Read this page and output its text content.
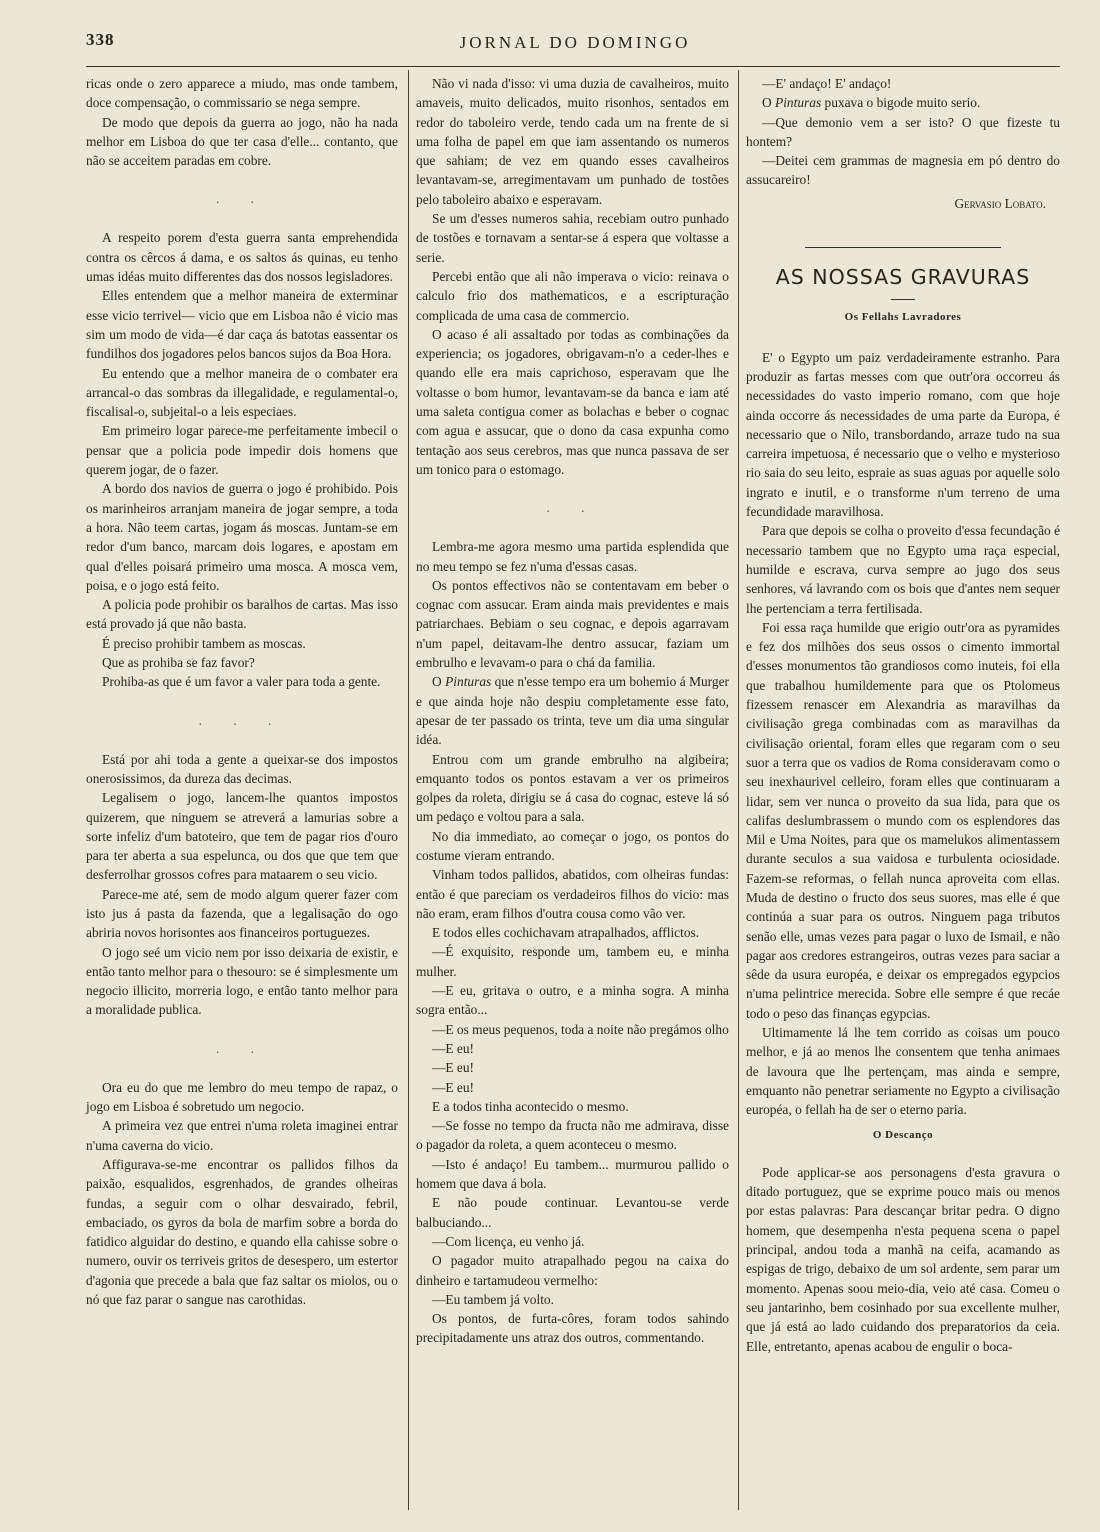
338	JORNAL DO DOMINGO

ricas onde o zero apparece a miudo, mas onde tambem, doce compensação, o commissario se nega sempre.

De modo que depois da guerra ao jogo, não ha nada melhor em Lisboa do que ter casa d'elle... contanto, que não se acceitem paradas em cobre.

. .

A respeito porem d'esta guerra santa emprehendida contra os cêrcos á dama, e os saltos ás quinas, eu tenho umas idéas muito differentes das dos nossos legisladores.

Elles entendem que a melhor maneira de exterminar esse vicio terrivel— vicio que em Lisboa não é vicio mas sim um modo de vida—é dar caça ás batotas eassentar os fundilhos dos jogadores pelos bancos sujos da Boa Hora.

Eu entendo que a melhor maneira de o combater era arrancal-o das sombras da illegalidade, e regulamental-o, fiscalisal-o, subjeital-o a leis especiaes.

Em primeiro logar parece-me perfeitamente imbecil o pensar que a policia pode impedir dois homens que querem jogar, de o fazer.

A bordo dos navios de guerra o jogo é prohibido. Pois os marinheiros arranjam maneira de jogar sempre, a toda a hora. Não teem cartas, jogam ás moscas. Juntam-se em redor d'um banco, marcam dois logares, e apostam em qual d'elles poisará primeiro uma mosca. A mosca vem, poisa, e o jogo está feito.

A policia pode prohibir os baralhos de cartas. Mas isso está provado já que não basta.

É preciso prohibir tambem as moscas.

Que as prohiba se faz favor?

Prohiba-as que é um favor a valer para toda a gente.

. . .

Está por ahi toda a gente a queixar-se dos impostos onerosissimos, da dureza das decimas.

Legalisem o jogo, lancem-lhe quantos impostos quizerem, que ninguem se atreverá a lamurias sobre a sorte infeliz d'um batoteiro, que tem de pagar rios d'ouro para ter aberta a sua espelunca, ou dos que que tem que desferrolhar grossos cofres para mataarem o seu vicio.

Parece-me até, sem de modo algum querer fazer com isto jus á pasta da fazenda, que a legalisação do ogo abriria novos horisontes aos financeiros portuguezes.

O jogo seé um vicio nem por isso deixaria de existir, e então tanto melhor para o thesouro: se é simplesmente um negocio illicito, morreria logo, e então tanto melhor para a moralidade publica.

. .

Ora eu do que me lembro do meu tempo de rapaz, o jogo em Lisboa é sobretudo um negocio.

A primeira vez que entrei n'uma roleta imaginei entrar n'uma caverna do vicio.

Affigurava-se-me encontrar os pallidos filhos da paixão, esqualidos, esgrenhados, de grandes olheiras fundas, a seguir com o olhar desvairado, febril, embaciado, os gyros da bola de marfim sobre a borda do fatidico alguidar do destino, e quando ella cahisse sobre o numero, ouvir os terriveis gritos de desespero, um estertor d'agonia que precede a bala que faz saltar os miolos, ou o nó que faz parar o sangue nas carothidas.

Não vi nada d'isso: vi uma duzia de cavalheiros, muito amaveis, muito delicados, muito risonhos, sentados em redor do taboleiro verde, tendo cada um na frente de si uma folha de papel em que iam assentando os numeros que sahiam; de vez em quando esses cavalheiros levantavam-se, arregimentavam um punhado de tostões pelo taboleiro abaixo e esperavam.

Se um d'esses numeros sahia, recebiam outro punhado de tostões e tornavam a sentar-se á espera que voltasse a serie.

Percebi então que ali não imperava o vicio: reinava o calculo frio dos mathematicos, e a escripturação complicada de uma casa de commercio.

O acaso é ali assaltado por todas as combinações da experiencia; os jogadores, obrigavam-n'o a ceder-lhes e quando elle era mais caprichoso, esperavam que lhe voltasse o bom humor, levantavam-se da banca e iam até uma saleta contigua comer as bolachas e beber o cognac com agua e assucar, que o dono da casa expunha como tentação aos seus cerebros, mas que nunca passava de ser um tonico para o estomago.

. .

Lembra-me agora mesmo uma partida esplendida que no meu tempo se fez n'uma d'essas casas.

Os pontos effectivos não se contentavam em beber o cognac com assucar. Eram ainda mais previdentes e mais patriarchaes. Bebiam o seu cognac, e depois agarravam n'um papel, deitavam-lhe dentro assucar, faziam um embrulho e levavam-o para o chá da familia.

O Pinturas que n'esse tempo era um bohemio á Murger e que ainda hoje não despiu completamente esse fato, apesar de ter passado os trinta, teve um dia uma singular idéa.

Entrou com um grande embrulho na algibeira; emquanto todos os pontos estavam a ver os primeiros golpes da roleta, dirigiu se á casa do cognac, esteve lá só um pedaço e voltou para a sala.

No dia immediato, ao começar o jogo, os pontos do costume vieram entrando.

Vinham todos pallidos, abatidos, com olheiras fundas: então é que pareciam os verdadeiros filhos do vicio: mas não eram, eram filhos d'outra cousa como vão ver.

E todos elles cochichavam atrapalhados, afflictos.

—É exquisito, responde um, tambem eu, e minha mulher.

—E eu, gritava o outro, e a minha sogra. A minha sogra então...

—E os meus pequenos, toda a noite não pregámos olho

—E eu!

—E eu!

—E eu!

E a todos tinha acontecido o mesmo.

—Se fosse no tempo da fructa não me admirava, disse o pagador da roleta, a quem aconteceu o mesmo.

—Isto é andaço! Eu tambem... murmurou pallido o homem que dava á bola.

E não poude continuar. Levantou-se verde balbuciando...

—Com licença, eu venho já.

O pagador muito atrapalhado pegou na caixa do dinheiro e tartamudeou vermelho:

—Eu tambem já volto.

Os pontos, de furta-côres, foram todos sahindo precipitadamente uns atraz dos outros, commentando.

—E' andaço! E' andaço!

O Pinturas puxava o bigode muito serio.

—Que demonio vem a ser isto? O que fizeste tu hontem?

—Deitei cem grammas de magnesia em pó dentro do assucareiro!

Gervasio Lobato.
AS NOSSAS GRAVURAS
Os Fellahs Lavradores

E' o Egypto um paiz verdadeiramente estranho. Para produzir as fartas messes com que outr'ora occorreu ás necessidades do vasto imperio romano, com que hoje ainda occorre ás necessidades de uma parte da Europa, é necessario que o Nilo, transbordando, arraze tudo na sua carreira impetuosa, é necessario que o velho e mysterioso rio saia do seu leito, espraie as suas aguas por aquelle solo ingrato e inutil, e o transforme n'um terreno de uma fecundidade maravilhosa.

Para que depois se colha o proveito d'essa fecundação é necessario tambem que no Egypto uma raça especial, humilde e escrava, curva sempre ao jugo dos seus senhores, vá lavrando com os bois que d'antes nem sequer lhe pertenciam a terra fertilisada.

Foi essa raça humilde que erigio outr'ora as pyramides e fez dos milhões dos seus ossos o cimento immortal d'esses monumentos tão grandiosos como inuteis, foi ella que trabalhou humildemente para que os Ptolomeus fizessem renascer em Alexandria as maravilhas da civilisação grega combinadas com as maravilhas da civilisação oriental, foram elles que regaram com o seu suor a terra que os vadios de Roma consideravam como o seu inexhaurivel celleiro, foram elles que continuaram a lidar, sem ver nunca o proveito da sua lida, para que os califas deslumbrassem o mundo com os esplendores das Mil e Uma Noites, para que os mamelukos alimentassem durante seculos a sua vaidosa e turbulenta ociosidade. Fazem-se reformas, o fellah nunca aproveita com ellas. Muda de destino o fructo dos seus suores, mas elle é que continúa a suar para os outros. Ninguem paga tributos senão elle, umas vezes para pagar o luxo de Ismail, e não pagar aos credores estrangeiros, outras vezes para saciar a sêde da usura européa, e deixar os empregados egypcios n'uma pelintrice merecida. Sobre elle sempre é que recáe todo o peso das finanças egypcias.

Ultimamente lá lhe tem corrido as coisas um pouco melhor, e já ao menos lhe consentem que tenha animaes de lavoura que lhe pertençam, mas ainda e sempre, emquanto não penetrar seriamente no Egypto a civilisação européa, o fellah ha de ser o eterno paria.

O Descanço

Pode applicar-se aos personagens d'esta gravura o ditado portuguez, que se exprime pouco mais ou menos por estas palavras: Para descançar britar pedra. O digno homem, que desempenha n'esta pequena scena o papel principal, andou toda a manhã na ceifa, acamando as espigas de trigo, debaixo de um sol ardente, sem parar um momento. Apenas soou meio-dia, veio até casa. Comeu o seu jantarinho, bem cosinhado por sua excellente mulher, que já está ao lado cuidando dos preparatorios da ceia. Elle, entretanto, apenas acabou de engulir o boca-
